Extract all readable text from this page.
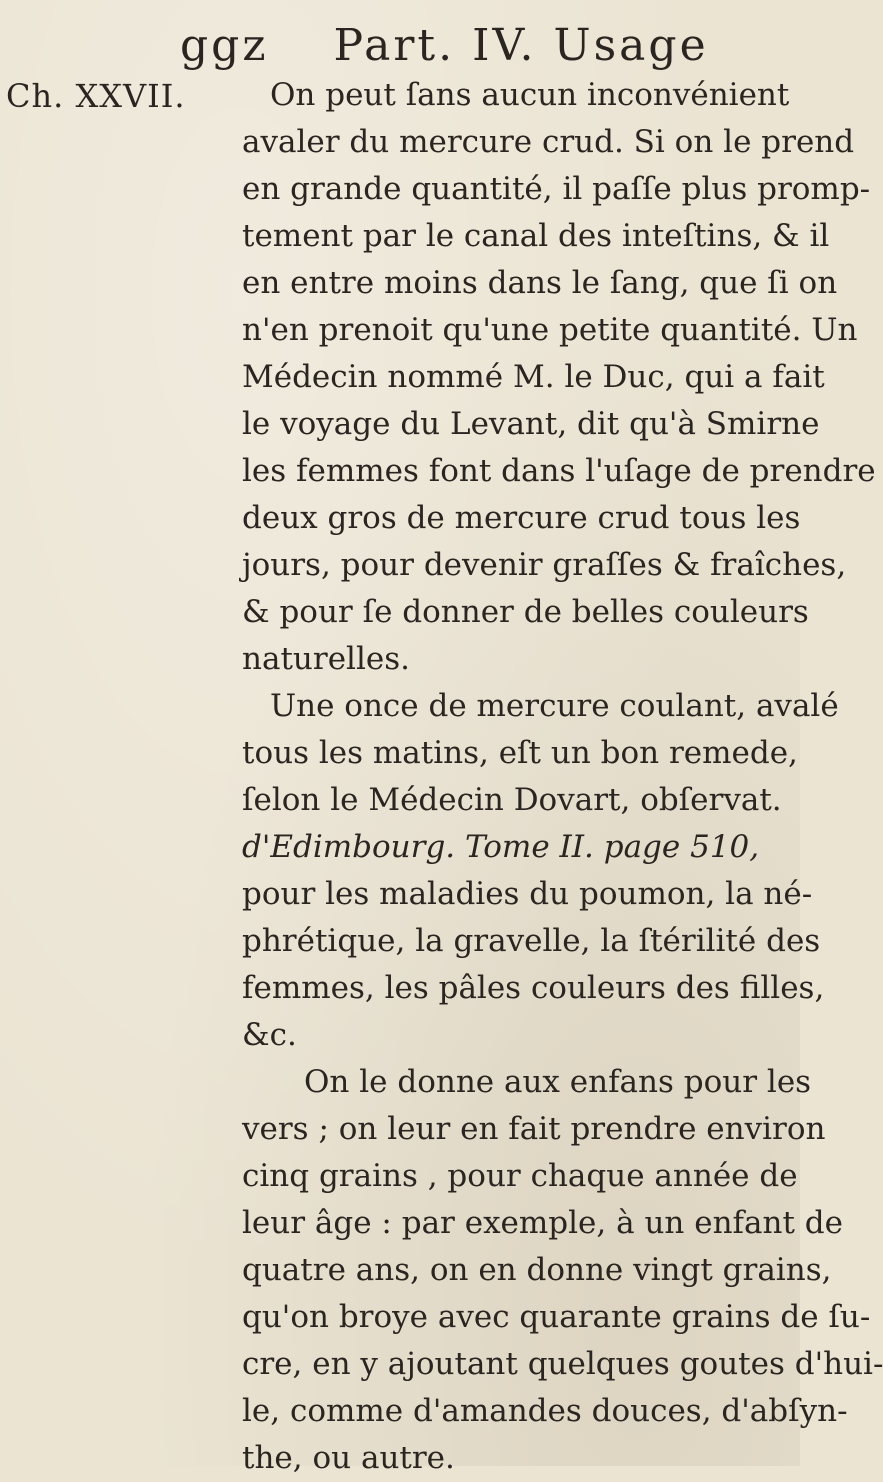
ggz Part. IV. Usage
Ch. XXVII.	On peut ſans aucun inconvénient
avaler du mercure crud. Si on le prend
en grande quantité, il paſſe plus promp-
tement par le canal des inteſtins, & il
en entre moins dans le ſang, que ſi on
n'en prenoit qu'une petite quantité. Un
Médecin nommé M. le Duc, qui a fait
le voyage du Levant, dit qu'à Smirne
les femmes font dans l'uſage de prendre
deux gros de mercure crud tous les
jours, pour devenir graſſes & fraîches,
& pour ſe donner de belles couleurs
naturelles.
Une once de mercure coulant, avalé
tous les matins, eſt un bon remede,
ſelon le Médecin Dovart, obſervat.
d'Edimbourg. Tome II. page 510,
pour les maladies du poumon, la né-
phrétique, la gravelle, la ſtérilité des
femmes, les pâles couleurs des filles,
&c.
On le donne aux enfans pour les
vers ; on leur en fait prendre environ
cinq grains , pour chaque année de
leur âge : par exemple, à un enfant de
quatre ans, on en donne vingt grains,
qu'on broye avec quarante grains de ſu-
cre, en y ajoutant quelques goutes d'hui-
le, comme d'amandes douces, d'abſyn-
the, ou autre.
